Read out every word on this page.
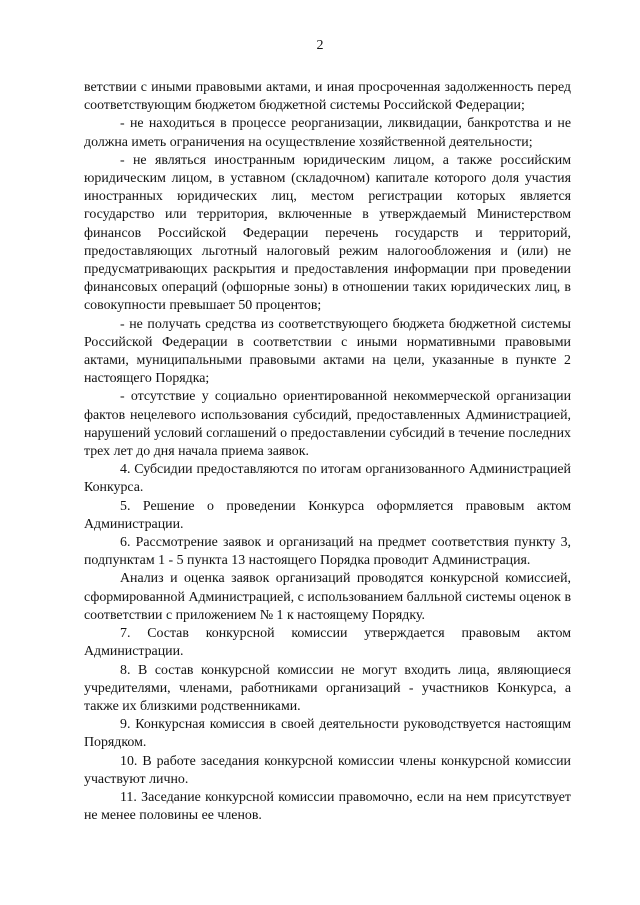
2

ветствии с иными правовыми актами, и иная просроченная задолженность перед соответствующим бюджетом бюджетной системы Российской Федерации;

- не находиться в процессе реорганизации, ликвидации, банкротства и не должна иметь ограничения на осуществление хозяйственной деятельности;

- не являться иностранным юридическим лицом, а также российским юридическим лицом, в уставном (складочном) капитале которого доля участия иностранных юридических лиц, местом регистрации которых является государство или территория, включенные в утверждаемый Министерством финансов Российской Федерации перечень государств и территорий, предоставляющих льготный налоговый режим налогообложения и (или) не предусматривающих раскрытия и предоставления информации при проведении финансовых операций (офшорные зоны) в отношении таких юридических лиц, в совокупности превышает 50 процентов;

- не получать средства из соответствующего бюджета бюджетной системы Российской Федерации в соответствии с иными нормативными правовыми актами, муниципальными правовыми актами на цели, указанные в пункте 2 настоящего Порядка;

- отсутствие у социально ориентированной некоммерческой организации фактов нецелевого использования субсидий, предоставленных Администрацией, нарушений условий соглашений о предоставлении субсидий в течение последних трех лет до дня начала приема заявок.

4. Субсидии предоставляются по итогам организованного Администрацией Конкурса.

5. Решение о проведении Конкурса оформляется правовым актом Администрации.

6. Рассмотрение заявок и организаций на предмет соответствия пункту 3, подпунктам 1 - 5 пункта 13 настоящего Порядка проводит Администрация.

Анализ и оценка заявок организаций проводятся конкурсной комиссией, сформированной Администрацией, с использованием балльной системы оценок в соответствии с приложением № 1 к настоящему Порядку.

7. Состав конкурсной комиссии утверждается правовым актом Администрации.

8. В состав конкурсной комиссии не могут входить лица, являющиеся учредителями, членами, работниками организаций - участников Конкурса, а также их близкими родственниками.

9. Конкурсная комиссия в своей деятельности руководствуется настоящим Порядком.

10. В работе заседания конкурсной комиссии члены конкурсной комиссии участвуют лично.

11. Заседание конкурсной комиссии правомочно, если на нем присутствует не менее половины ее членов.
